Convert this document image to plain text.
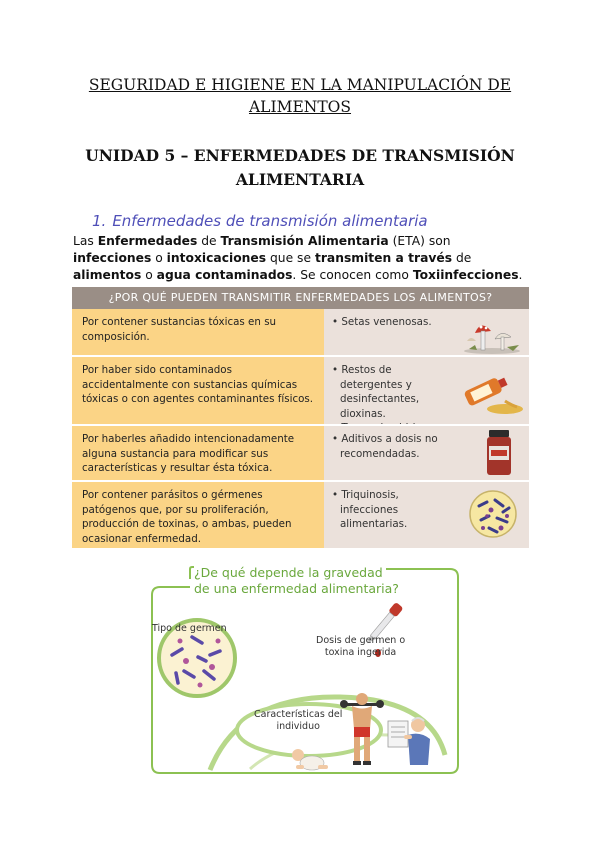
SEGURIDAD E HIGIENE EN LA MANIPULACIÓN DE
ALIMENTOS
UNIDAD 5 – ENFERMEDADES DE TRANSMISIÓN
ALIMENTARIA
1. Enfermedades de transmisión alimentaria
Las Enfermedades de Transmisión Alimentaria (ETA) son infecciones o intoxicaciones que se transmiten a través de alimentos o agua contaminados. Se conocen como Toxiinfecciones.
¿POR QUÉ PUEDEN TRANSMITIR ENFERMEDADES LOS ALIMENTOS?
Por contener sustancias tóxicas en su composición.
• Setas venenosas.
Por haber sido contaminados accidentalmente con sustancias químicas tóxicas o con agentes contaminantes físicos.
• Restos de detergentes y desinfectantes, dioxinas.
Por haberles añadido intencionadamente alguna sustancia para modificar sus características y resultar ésta tóxica.
• Aditivos a dosis no recomendadas.
Por contener parásitos o gérmenes patógenos que, por su proliferación, producción de toxinas, o ambas, pueden ocasionar enfermedad.
• Triquinosis, infecciones alimentarias.
¿De qué depende la gravedad
de una enfermedad alimentaria?
Tipo de germen
Dosis de germen o
toxina ingerida
Características del
individuo
